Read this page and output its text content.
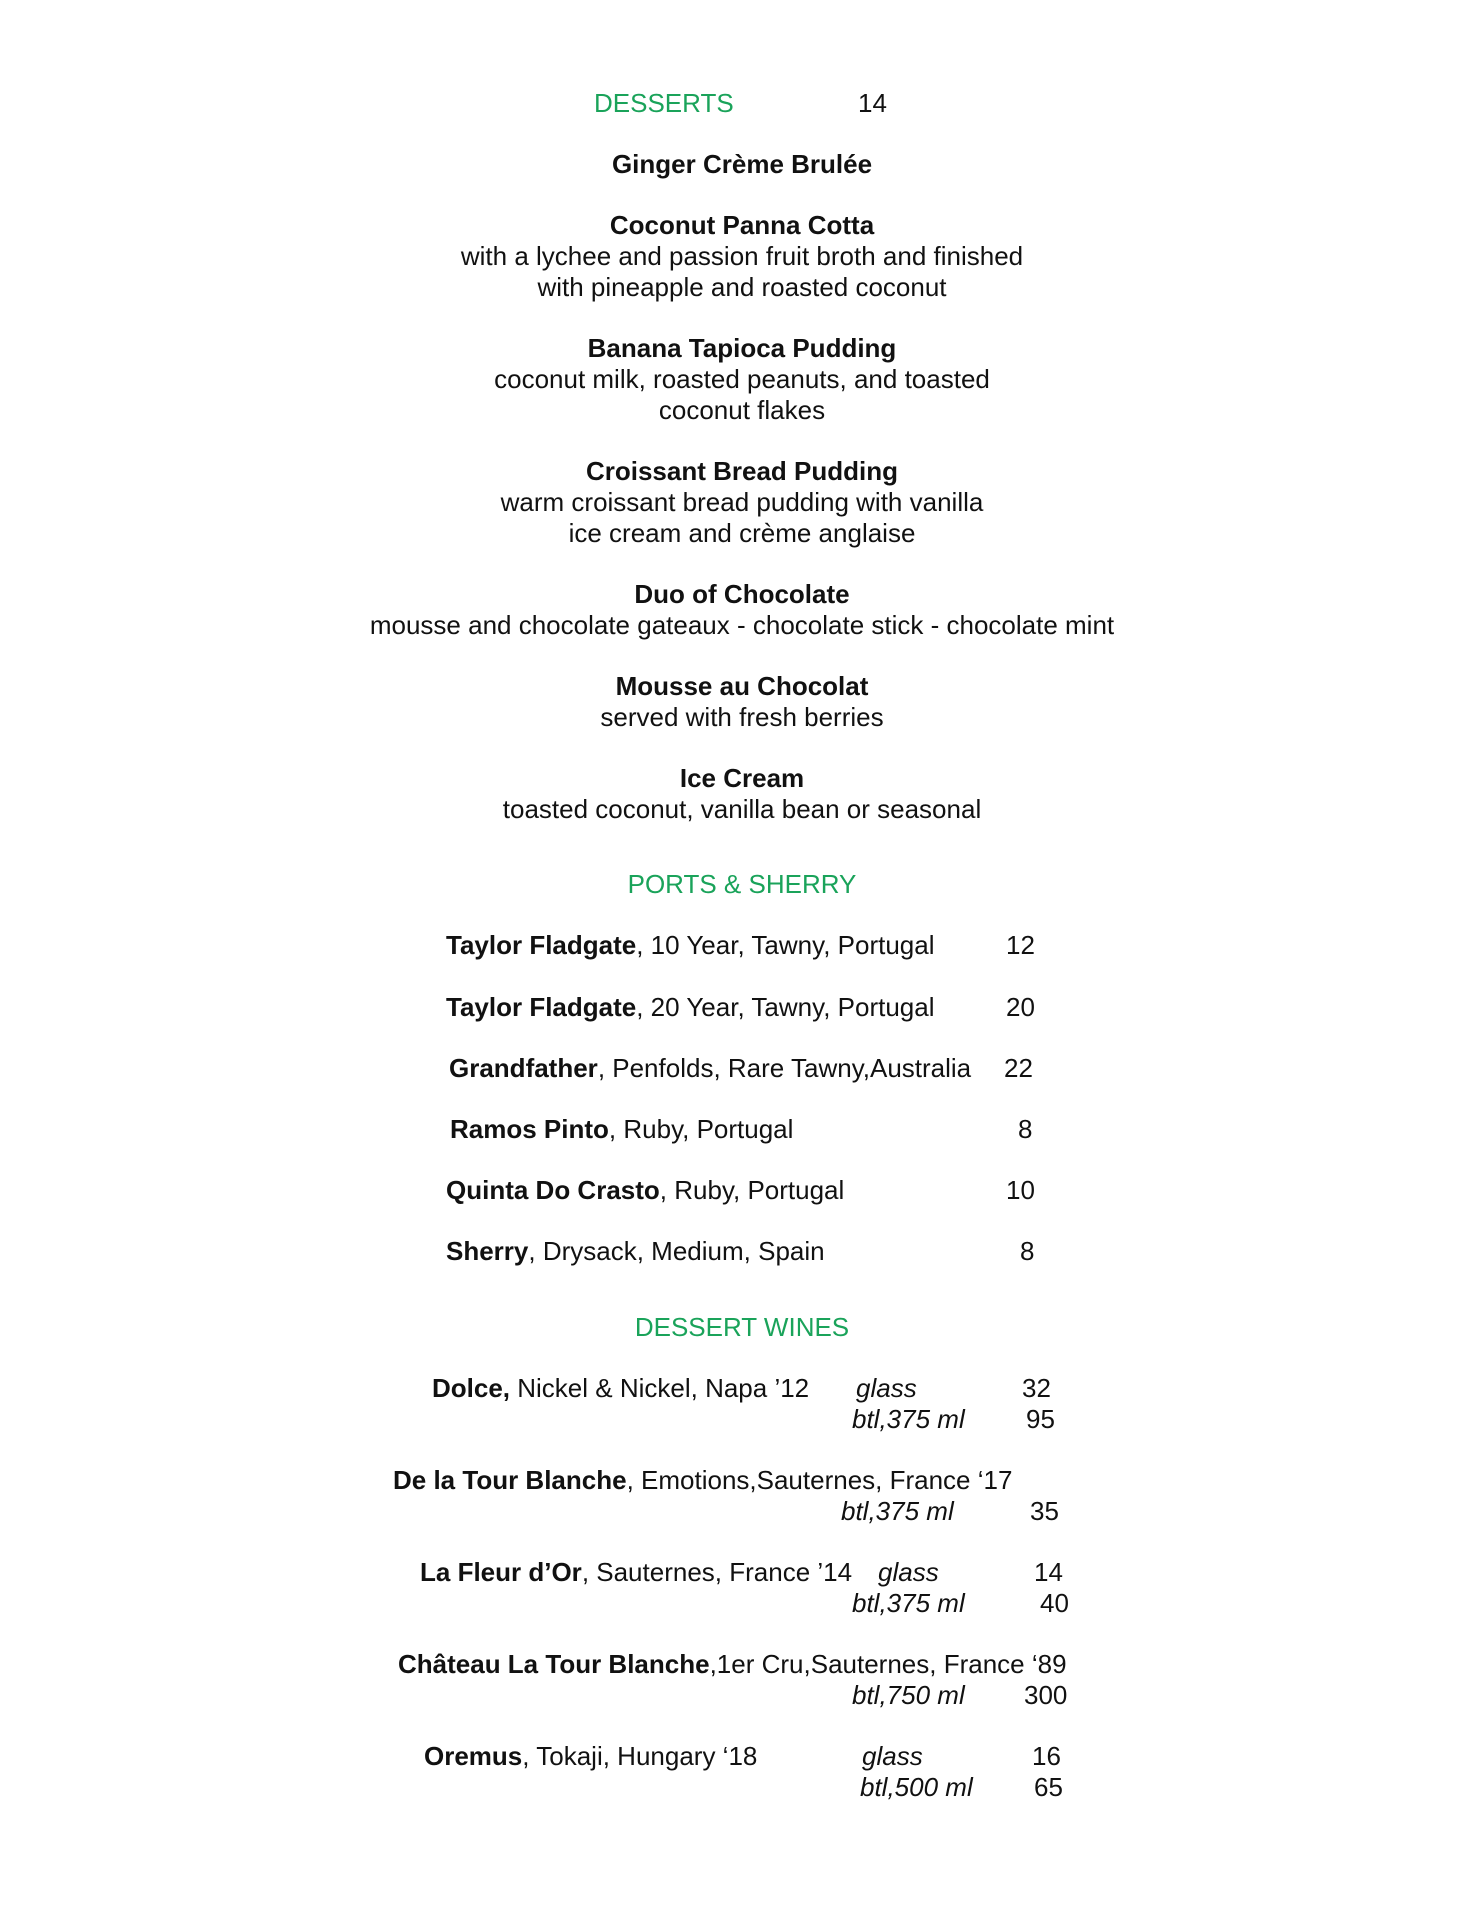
DESSERTS	14
Ginger Crème Brulée
Coconut Panna Cotta
with a lychee and passion fruit broth and finished
with pineapple and roasted coconut
Banana Tapioca Pudding
coconut milk, roasted peanuts, and toasted
coconut flakes
Croissant Bread Pudding
warm croissant bread pudding with vanilla
ice cream and crème anglaise
Duo of Chocolate
mousse and chocolate gateaux - chocolate stick - chocolate mint
Mousse au Chocolat
served with fresh berries
Ice Cream
toasted coconut, vanilla bean or seasonal
PORTS & SHERRY
Taylor Fladgate, 10 Year, Tawny, Portugal	12
Taylor Fladgate, 20 Year, Tawny, Portugal	20
Grandfather, Penfolds, Rare Tawny,Australia 22
Ramos Pinto, Ruby, Portugal	8
Quinta Do Crasto, Ruby, Portugal	10
Sherry, Drysack, Medium, Spain	8
DESSERT WINES
Dolce, Nickel & Nickel, Napa ’12 glass	32
btl,375 ml 95
De la Tour Blanche, Emotions,Sauternes, France ‘17
btl,375 ml	35
La Fleur d’Or, Sauternes, France ’14 glass	14
btl,375 ml	40
Château La Tour Blanche,1er Cru,Sauternes, France ‘89
btl,750 ml 300
Oremus, Tokaji, Hungary ‘18	glass	16
btl,500 ml 65
